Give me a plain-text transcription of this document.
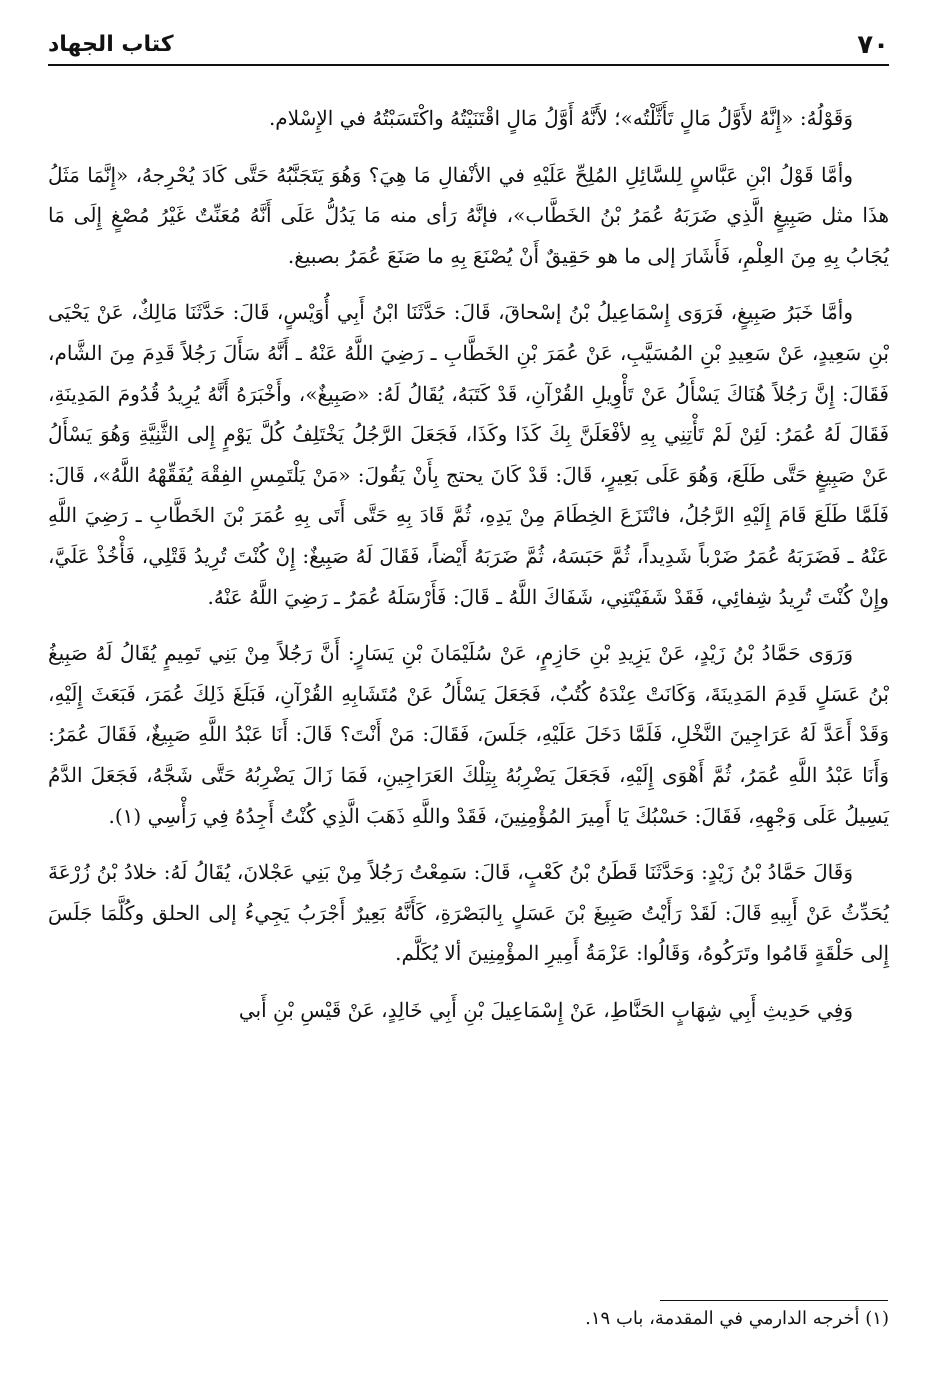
٧٠
كتاب الجهاد

وَقَوْلُهُ: «إِنَّهُ لأَوَّلُ مَالٍ تَأَثَّلْتُه»؛ لأَنَّهُ أَوَّلُ مَالٍ اقْتَنَيْتُهُ واكْتَسَبْتُهُ في الإِسْلام.

وأمَّا قَوْلُ ابْنِ عَبَّاسٍ لِلسَّائِلِ المُلِحِّ عَلَيْهِ في الأنْفالِ مَا هِيَ؟ وَهُوَ يَتَجَنَّبُهُ حَتَّى كَادَ يُحْرِجهُ، «إِنَّمَا مَثَلُ هذَا مثل صَبِيغٍ الَّذِي ضَرَبَهُ عُمَرُ بْنُ الخَطَّاب»، فإنَّهُ رَأى منه مَا يَدُلُّ عَلَى أَنَّهُ مُعَنِّتٌ غَيْرُ مُصْغٍ إِلَى مَا يُجَابُ بِهِ مِنَ العِلْمِ، فَأَشَارَ إلى ما هو حَقِيقٌ أَنْ يُصْنَعَ بِهِ ما صَنَعَ عُمَرُ بصبيغ.

وأمَّا خَبَرُ صَبِيغٍ، فَرَوَى إِسْمَاعِيلُ بْنُ إسْحاقَ، قَالَ: حَدَّثَنَا ابْنُ أَبِي أُوَيْسٍ، قَالَ: حَدَّثَنَا مَالِكٌ، عَنْ يَحْيَى بْنِ سَعِيدٍ، عَنْ سَعِيدِ بْنِ المُسَيَّبِ، عَنْ عُمَرَ بْنِ الخَطَّابِ ـ رَضِيَ اللَّهُ عَنْهُ ـ أَنَّهُ سَأَلَ رَجُلاً قَدِمَ مِنَ الشَّام، فَقَالَ: إِنَّ رَجُلاً هُنَاكَ يَسْأَلُ عَنْ تَأْوِيلِ القُرْآنِ، قَدْ كَتَبَهُ، يُقَالُ لَهُ: «صَبِيغٌ»، وأَخْبَرَهُ أَنَّهُ يُرِيدُ قُدُومَ المَدِينَةِ، فَقَالَ لَهُ عُمَرُ: لَئِنْ لَمْ تَأْتِنِي بِهِ لأفْعَلَنَّ بِكَ كَذَا وكَذَا، فَجَعَلَ الرَّجُلُ يَخْتَلِفُ كُلَّ يَوْمٍ إِلى الثَّنِيَّةِ وَهُوَ يَسْأَلُ عَنْ صَبِيغٍ حَتَّى طَلَعَ، وَهُوَ عَلَى بَعِيرٍ، قَالَ: قَدْ كَانَ يحتج بِأَنْ يَقُولَ: «مَنْ يَلْتَمِسِ الفِقْهَ يُفَقِّهْهُ اللَّهُ»، قَالَ: فَلَمَّا طَلَعَ قَامَ إِلَيْهِ الرَّجُلُ، فانْتَزَعَ الخِطَامَ مِنْ يَدِهِ، ثُمَّ قَادَ بِهِ حَتَّى أَتَى بِهِ عُمَرَ بْنَ الخَطَّابِ ـ رَضِيَ اللَّهِ عَنْهُ ـ فَضَرَبَهُ عُمَرُ ضَرْباً شَدِيداً، ثُمَّ حَبَسَهُ، ثُمَّ ضَرَبَهُ أَيْضاً، فَقَالَ لَهُ صَبِيغٌ: إِنْ كُنْتَ تُرِيدُ قَتْلِي، فَأْخُذْ عَلَيَّ، وإِنْ كُنْتَ تُرِيدُ شِفائِي، فَقَدْ شَفَيْتَنِي، شَفَاكَ اللَّهُ ـ قَالَ: فَأَرْسَلَهُ عُمَرُ ـ رَضِيَ اللَّهُ عَنْهُ.

وَرَوَى حَمَّادُ بْنُ زَيْدٍ، عَنْ يَزِيدِ بْنِ حَازِمٍ، عَنْ سُلَيْمَانَ بْنِ يَسَارٍ: أَنَّ رَجُلاً مِنْ بَنِي تَمِيمٍ يُقَالُ لَهُ صَبِيغُ بْنُ عَسَلٍ قَدِمَ المَدِينَةَ، وَكَانَتْ عِنْدَهُ كُتُبٌ، فَجَعَلَ يَسْأَلُ عَنْ مُتَشَابِهِ القُرْآنِ، فَبَلَغَ ذَلِكَ عُمَرَ، فَبَعَثَ إِلَيْهِ، وَقَدْ أَعَدَّ لَهُ عَرَاجِينَ النَّخْلِ، فَلَمَّا دَخَلَ عَلَيْهِ، جَلَسَ، فَقَالَ: مَنْ أَنْتَ؟ قَالَ: أَنَا عَبْدُ اللَّهِ صَبِيغٌ، فَقَالَ عُمَرُ: وَأَنَا عَبْدُ اللَّهِ عُمَرُ، ثُمَّ أَهْوَى إِلَيْهِ، فَجَعَلَ يَضْرِبُهُ بِتِلْكَ العَرَاجِينِ، فَمَا زَالَ يَضْرِبُهُ حَتَّى شَجَّهُ، فَجَعَلَ الدَّمُ يَسِيلُ عَلَى وَجْهِهِ، فَقَالَ: حَسْبُكَ يَا أَمِيرَ المُؤْمِنِينَ، فَقَدْ واللَّهِ ذَهَبَ الَّذِي كُنْتُ أَجِدُهُ فِي رَأْسِي (١).

وَقَالَ حَمَّادُ بْنُ زَيْدٍ: وَحَدَّثَنَا قَطَنُ بْنُ كَعْبٍ، قَالَ: سَمِعْتُ رَجُلاً مِنْ بَنِي عَجْلانَ، يُقَالُ لَهُ: خلادُ بْنُ زُرْعَةَ يُحَدِّثُ عَنْ أَبِيهِ قَالَ: لَقَدْ رَأَيْتُ صَبِيغَ بْنَ عَسَلٍ بِالبَصْرَةِ، كَأَنَّهُ بَعِيرٌ أَجْرَبُ يَجِيءُ إلى الحلق وكُلَّمَا جَلَسَ إِلى حَلْقَةٍ قَامُوا وتَرَكُوهُ، وَقَالُوا: عَزْمَةُ أَمِيرِ المؤْمِنِينَ ألا يُكَلَّم.

وَفِي حَدِيثِ أَبِي شِهَابٍ الحَنَّاطِ، عَنْ إِسْمَاعِيلَ بْنِ أَبِي خَالِدٍ، عَنْ قَيْسِ بْنِ أَبي

(١) أخرجه الدارمي في المقدمة، باب ١٩.
